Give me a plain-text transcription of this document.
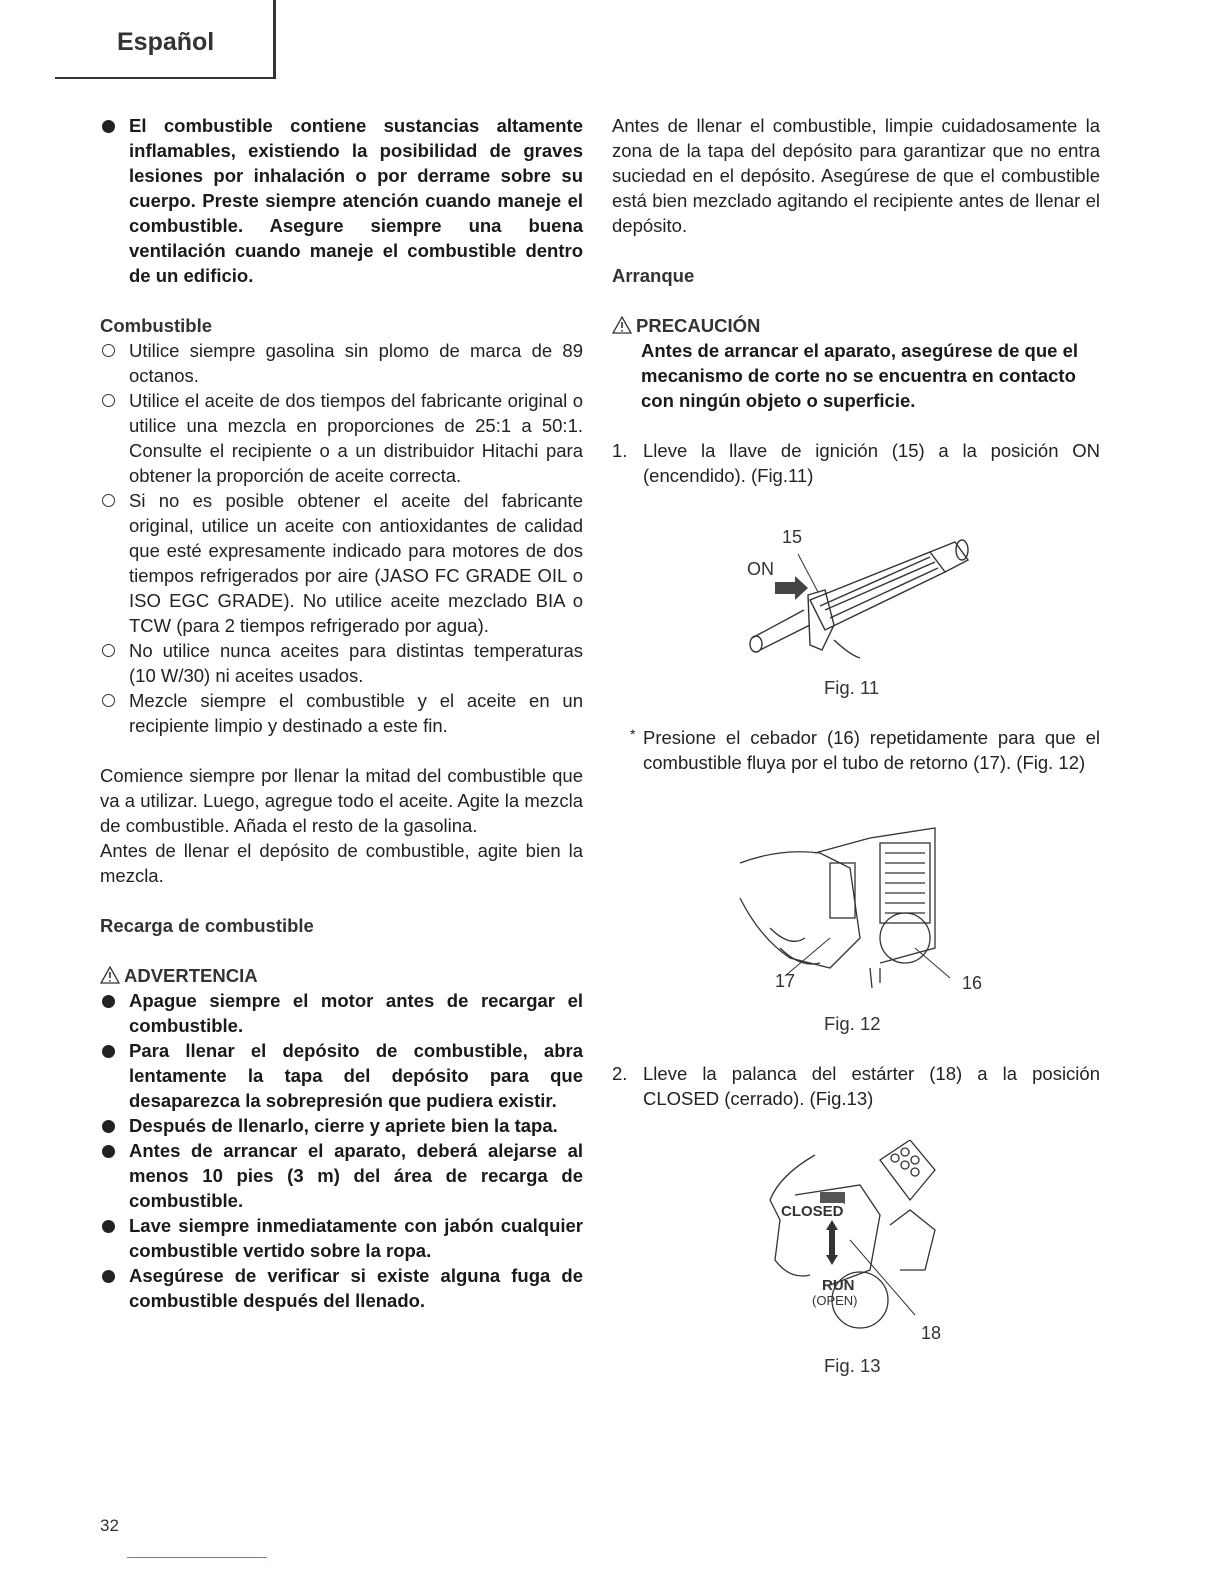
Español
El combustible contiene sustancias altamente inflamables, existiendo la posibilidad de graves lesiones por inhalación o por derrame sobre su cuerpo. Preste siempre atención cuando maneje el combustible. Asegure siempre una buena ventilación cuando maneje el combustible dentro de un edificio.
Combustible
Utilice siempre gasolina sin plomo de marca de 89 octanos.
Utilice el aceite de dos tiempos del fabricante original o utilice una mezcla en proporciones de 25:1 a 50:1. Consulte el recipiente o a un distribuidor Hitachi para obtener la proporción de aceite correcta.
Si no es posible obtener el aceite del fabricante original, utilice un aceite con antioxidantes de calidad que esté expresamente indicado para motores de dos tiempos refrigerados por aire (JASO FC GRADE OIL o ISO EGC GRADE). No utilice aceite mezclado BIA o TCW (para 2 tiempos refrigerado por agua).
No utilice nunca aceites para distintas temperaturas (10 W/30) ni aceites usados.
Mezcle siempre el combustible y el aceite en un recipiente limpio y destinado a este fin.
Comience siempre por llenar la mitad del combustible que va a utilizar. Luego, agregue todo el aceite. Agite la mezcla de combustible. Añada el resto de la gasolina.
Antes de llenar el depósito de combustible, agite bien la mezcla.
Recarga de combustible
ADVERTENCIA
Apague siempre el motor antes de recargar el combustible.
Para llenar el depósito de combustible, abra lentamente la tapa del depósito para que desaparezca la sobrepresión que pudiera existir.
Después de llenarlo, cierre y apriete bien la tapa.
Antes de arrancar el aparato, deberá alejarse al menos 10 pies (3 m) del área de recarga de combustible.
Lave siempre inmediatamente con jabón cualquier combustible vertido sobre la ropa.
Asegúrese de verificar si existe alguna fuga de combustible después del llenado.
Antes de llenar el combustible, limpie cuidadosamente la zona de la tapa del depósito para garantizar que no entra suciedad en el depósito. Asegúrese de que el combustible está bien mezclado agitando el recipiente antes de llenar el depósito.
Arranque
PRECAUCIÓN
Antes de arrancar el aparato, asegúrese de que el mecanismo de corte no se encuentra en contacto con ningún objeto o superficie.
1. Lleve la llave de ignición (15) a la posición ON (encendido). (Fig.11)
15
ON
Fig. 11
* Presione el cebador (16) repetidamente para que el combustible fluya por el tubo de retorno (17). (Fig. 12)
17	16
Fig. 12
2. Lleve la palanca del estárter (18) a la posición CLOSED (cerrado). (Fig.13)
CLOSED
RUN
(OPEN)
18
Fig. 13
32
